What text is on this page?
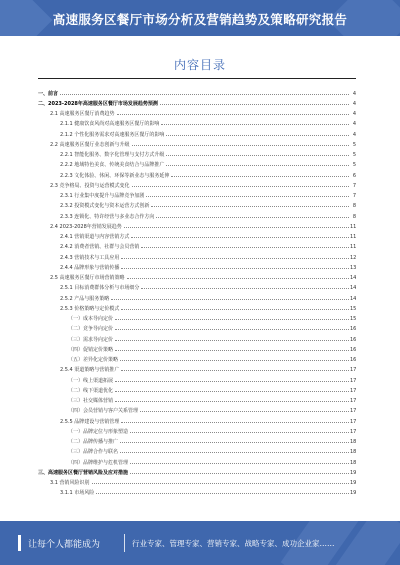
高速服务区餐厅市场分析及营销趋势及策略研究报告
内容目录
一、前言	4
二、2023-2028年高速服务区餐厅市场发展趋势预测	4
2.1 高速服务区餐厅消费趋势	4
2.1.1 健康饮食风尚对高速服务区餐厅的影响	4
2.1.2 个性化服务需求对高速服务区餐厅的影响	4
2.2 高速服务区餐厅业态创新与升级	5
2.2.1 智能化服务、数字化管理与支付方式升级	5
2.2.2 地域特色美食、传统美食结合与品牌推广	5
2.2.3 文化体验、休闲、环保等新业态与服务延伸	6
2.3 竞争格局、投资与运营模式变化	7
2.3.1 行业集中度提升与品牌竞争加剧	7
2.3.2 投资模式变化与资本运营方式创新	8
2.3.3 连锁化、特许经营与多业态合作方向	8
2.4 2023-2028年营销发展趋势	11
2.4.1 营销渠道与内容营销方式	11
2.4.2 消费者营销、社群与会员营销	11
2.4.3 营销技术与工具应用	12
2.4.4 品牌形象与营销传播	13
2.5 高速服务区餐厅市场营销策略	14
2.5.1 目标消费群体分析与市场细分	14
2.5.2 产品与服务策略	14
2.5.3 价格策略与定价模式	15
（一）成本导向定价	15
（二）竞争导向定价	16
（三）需求导向定价	16
（四）促销定价策略	16
（五）差异化定价策略	16
2.5.4 渠道策略与营销推广	17
（一）线上渠道拓展	17
（二）线下渠道优化	17
（三）社交媒体营销	17
（四）会员营销与客户关系管理	17
2.5.5 品牌建设与营销管理	17
（一）品牌定位与形象塑造	17
（二）品牌传播与推广	18
（三）品牌合作与联名	18
（四）品牌维护与危机管理	18
三、高速服务区餐厅营销风险及应对措施	19
3.1 营销风险识别	19
3.1.1 市场风险	19
让每个人都能成为	行业专家、管理专家、营销专家、战略专家、成功企业家……
